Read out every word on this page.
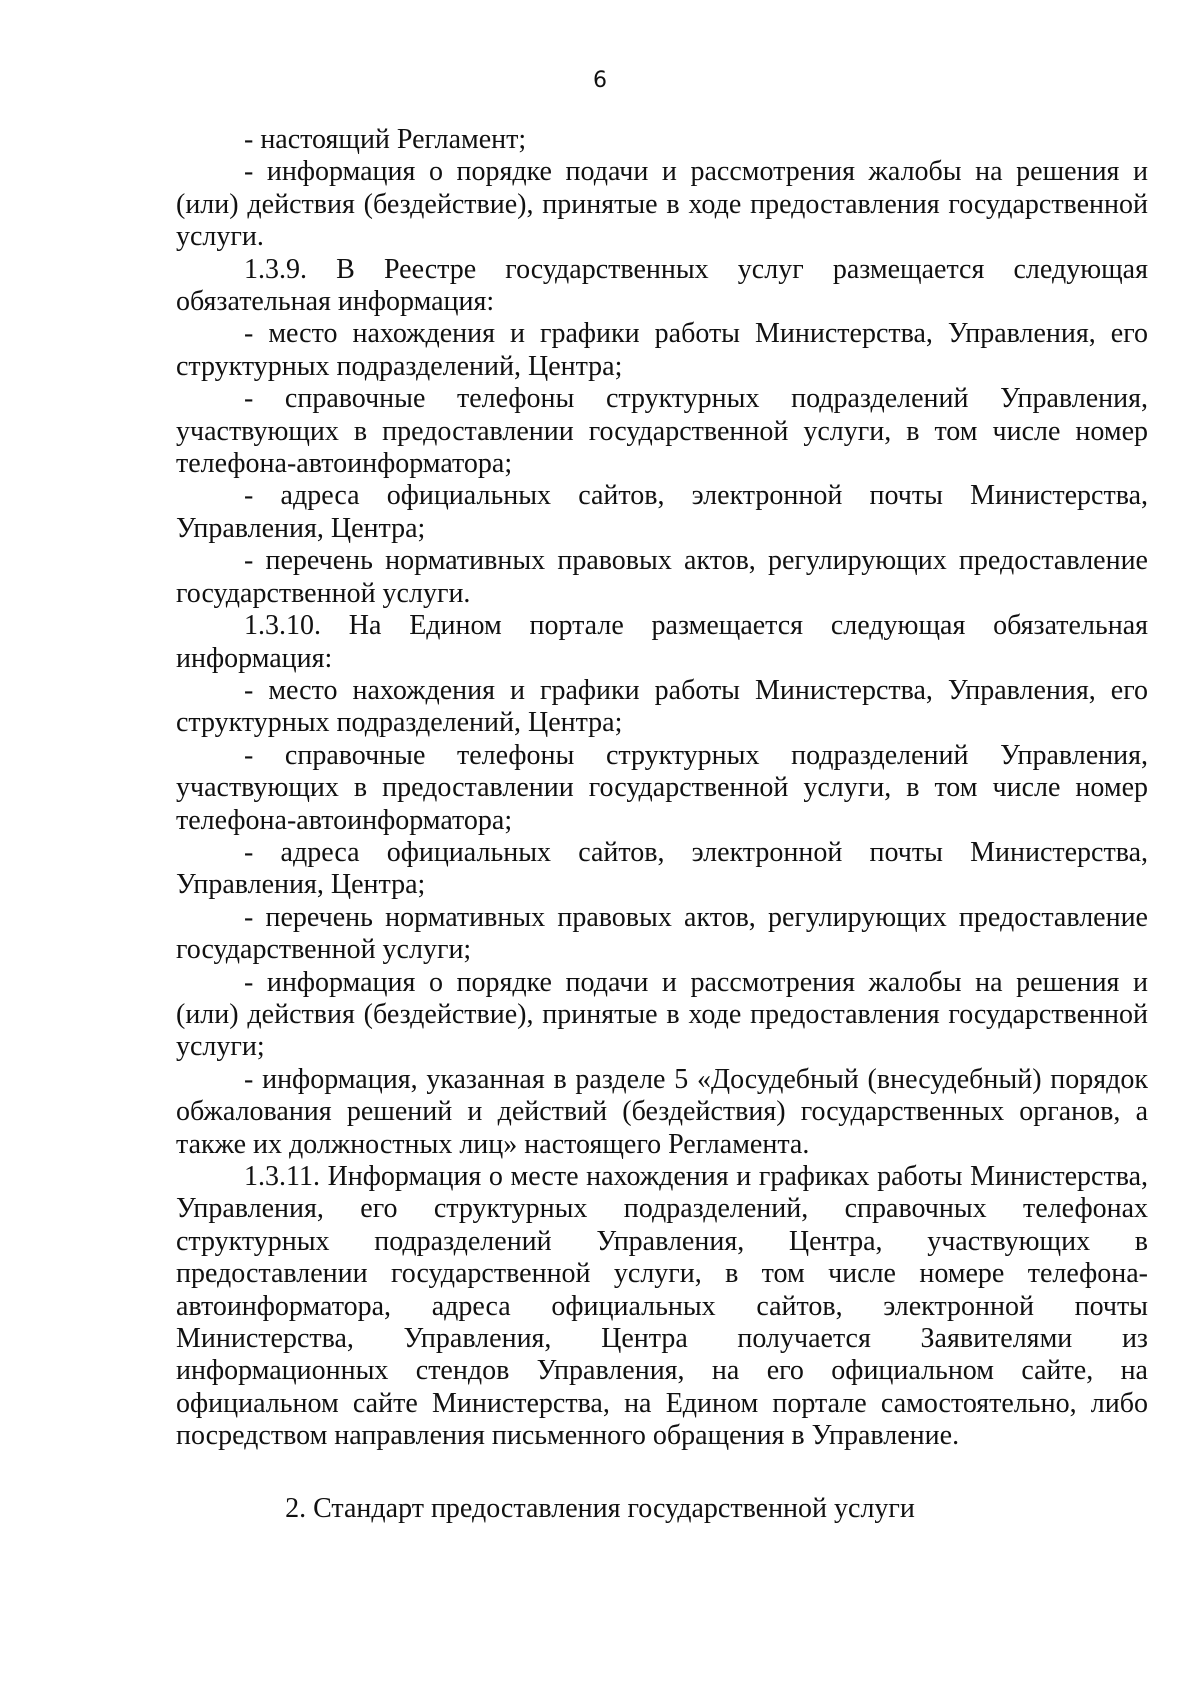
6

- настоящий Регламент;

- информация о порядке подачи и рассмотрения жалобы на решения и (или) действия (бездействие), принятые в ходе предоставления государственной услуги.

1.3.9. В Реестре государственных услуг размещается следующая обязательная информация:

- место нахождения и графики работы Министерства, Управления, его структурных подразделений, Центра;

- справочные телефоны структурных подразделений Управления, участвующих в предоставлении государственной услуги, в том числе номер телефона-автоинформатора;

- адреса официальных сайтов, электронной почты Министерства, Управления, Центра;

- перечень нормативных правовых актов, регулирующих предоставление государственной услуги.

1.3.10. На Едином портале размещается следующая обязательная информация:

- место нахождения и графики работы Министерства, Управления, его структурных подразделений, Центра;

- справочные телефоны структурных подразделений Управления, участвующих в предоставлении государственной услуги, в том числе номер телефона-автоинформатора;

- адреса официальных сайтов, электронной почты Министерства, Управления, Центра;

- перечень нормативных правовых актов, регулирующих предоставление государственной услуги;

- информация о порядке подачи и рассмотрения жалобы на решения и (или) действия (бездействие), принятые в ходе предоставления государственной услуги;

- информация, указанная в разделе 5 «Досудебный (внесудебный) порядок обжалования решений и действий (бездействия) государственных органов, а также их должностных лиц» настоящего Регламента.

1.3.11. Информация о месте нахождения и графиках работы Министерства, Управления, его структурных подразделений, справочных телефонах структурных подразделений Управления, Центра, участвующих в предоставлении государственной услуги, в том числе номере телефона-автоинформатора, адреса официальных сайтов, электронной почты Министерства, Управления, Центра получается Заявителями из информационных стендов Управления, на его официальном сайте, на официальном сайте Министерства, на Едином портале самостоятельно, либо посредством направления письменного обращения в Управление.

2. Стандарт предоставления государственной услуги
